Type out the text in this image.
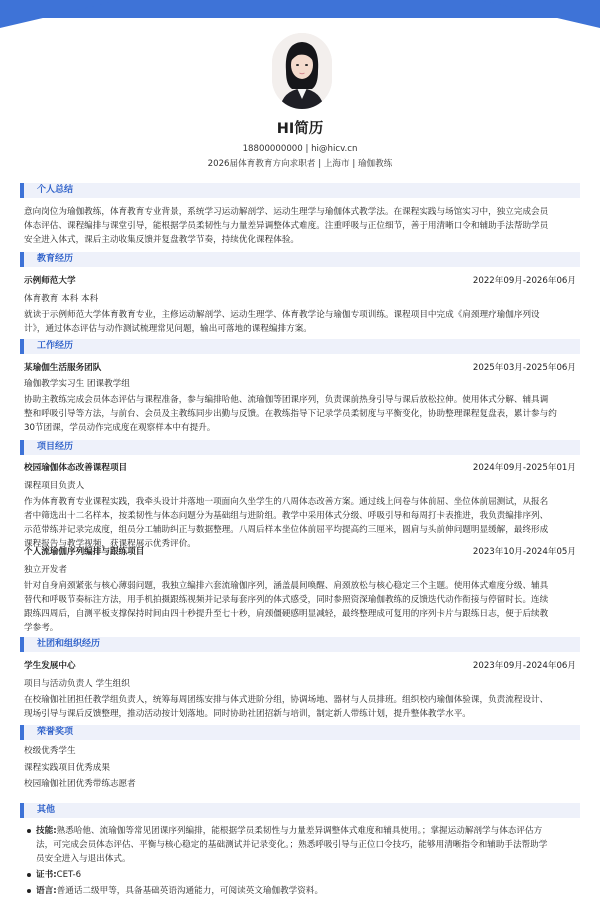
HI简历
18800000000 | hi@hicv.cn
2026届体育教育方向求职者 | 上海市 | 瑜伽教练
个人总结
意向岗位为瑜伽教练，体育教育专业背景，系统学习运动解剖学、运动生理学与瑜伽体式教学法。在课程实践与场馆实习中，独立完成会员
体态评估、课程编排与课堂引导，能根据学员柔韧性与力量差异调整体式难度。注重呼吸与正位细节，善于用清晰口令和辅助手法帮助学员
安全进入体式，课后主动收集反馈并复盘教学节奏，持续优化课程体验。
教育经历
示例师范大学	2022年09月-2026年06月
体育教育 本科 本科
就读于示例师范大学体育教育专业，主修运动解剖学、运动生理学、体育教学论与瑜伽专项训练。课程项目中完成《肩颈理疗瑜伽序列设
计》，通过体态评估与动作测试梳理常见问题，输出可落地的课程编排方案。
工作经历
某瑜伽生活服务团队	2025年03月-2025年06月
瑜伽教学实习生 团课教学组
协助主教练完成会员体态评估与课程准备，参与编排哈他、流瑜伽等团课序列，负责课前热身引导与课后放松拉伸。使用体式分解、辅具调
整和呼吸引导等方法，与前台、会员及主教练同步出勤与反馈。在教练指导下记录学员柔韧度与平衡变化，协助整理课程复盘表，累计参与约
30节团课，学员动作完成度在观察样本中有提升。
项目经历
校园瑜伽体态改善课程项目	2024年09月-2025年01月
课程项目负责人
作为体育教育专业课程实践，我牵头设计并落地一项面向久坐学生的八周体态改善方案。通过线上问卷与体前屈、坐位体前屈测试，从报名
者中筛选出十二名样本，按柔韧性与体态问题分为基础组与进阶组。教学中采用体式分级、呼吸引导和每周打卡表推进，我负责编排序列、
示范带练并记录完成度，组员分工辅助纠正与数据整理。八周后样本坐位体前屈平均提高约三厘米，圆肩与头前伸问题明显缓解，最终形成
课程报告与教学视频，获课程展示优秀评价。
个人流瑜伽序列编排与跟练项目	2023年10月-2024年05月
独立开发者
针对自身肩颈紧张与核心薄弱问题，我独立编排六套流瑜伽序列，涵盖晨间唤醒、肩颈放松与核心稳定三个主题。使用体式难度分级、辅具
替代和呼吸节奏标注方法，用手机拍摄跟练视频并记录每套序列的体式感受，同时参照资深瑜伽教练的反馈迭代动作衔接与停留时长。连续
跟练四周后，自测平板支撑保持时间由四十秒提升至七十秒，肩颈僵硬感明显减轻，最终整理成可复用的序列卡片与跟练日志，便于后续教
学参考。
社团和组织经历
学生发展中心	2023年09月-2024年06月
项目与活动负责人 学生组织
在校瑜伽社团担任教学组负责人，统筹每周团练安排与体式进阶分组，协调场地、器材与人员排班。组织校内瑜伽体验课，负责流程设计、
现场引导与课后反馈整理，推动活动按计划落地。同时协助社团招新与培训，制定新人带练计划，提升整体教学水平。
荣誉奖项
校级优秀学生
课程实践项目优秀成果
校园瑜伽社团优秀带练志愿者
其他
技能:熟悉哈他、流瑜伽等常见团课序列编排，能根据学员柔韧性与力量差异调整体式难度和辅具使用。；掌握运动解剖学与体态评估方
法，可完成会员体态评估、平衡与核心稳定的基础测试并记录变化。；熟悉呼吸引导与正位口令技巧，能够用清晰指令和辅助手法帮助学
员安全进入与退出体式。
证书:CET-6
语言:普通话二级甲等，具备基础英语沟通能力，可阅读英文瑜伽教学资料。
